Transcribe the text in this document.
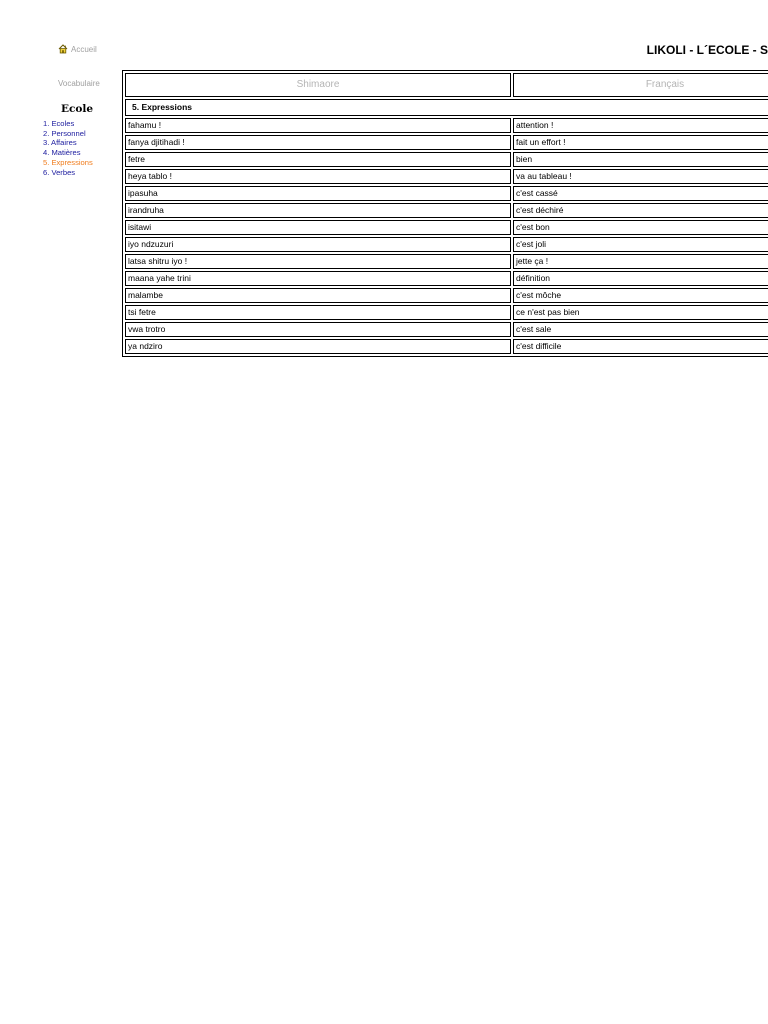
Accueil
Vocabulaire
LIKOLI - L´ECOLE - S
Ecole
1. Ecoles
2. Personnel
3. Affaires
4. Matières
5. Expressions
6. Verbes
Shimaore	Français
5. Expressions	
fahamu !	attention !
fanya djitihadi !	fait un effort !
fetre	bien
heya tablo !	va au tableau !
ipasuha	c'est cassé
irandruha	c'est déchiré
isitawi	c'est bon
iyo ndzuzuri	c'est joli
latsa shitru iyo !	jette ça !
maana yahe trini	définition
malambe	c'est môche
tsi fetre	ce n'est pas bien
vwa trotro	c'est sale
ya ndziro	c'est difficile
